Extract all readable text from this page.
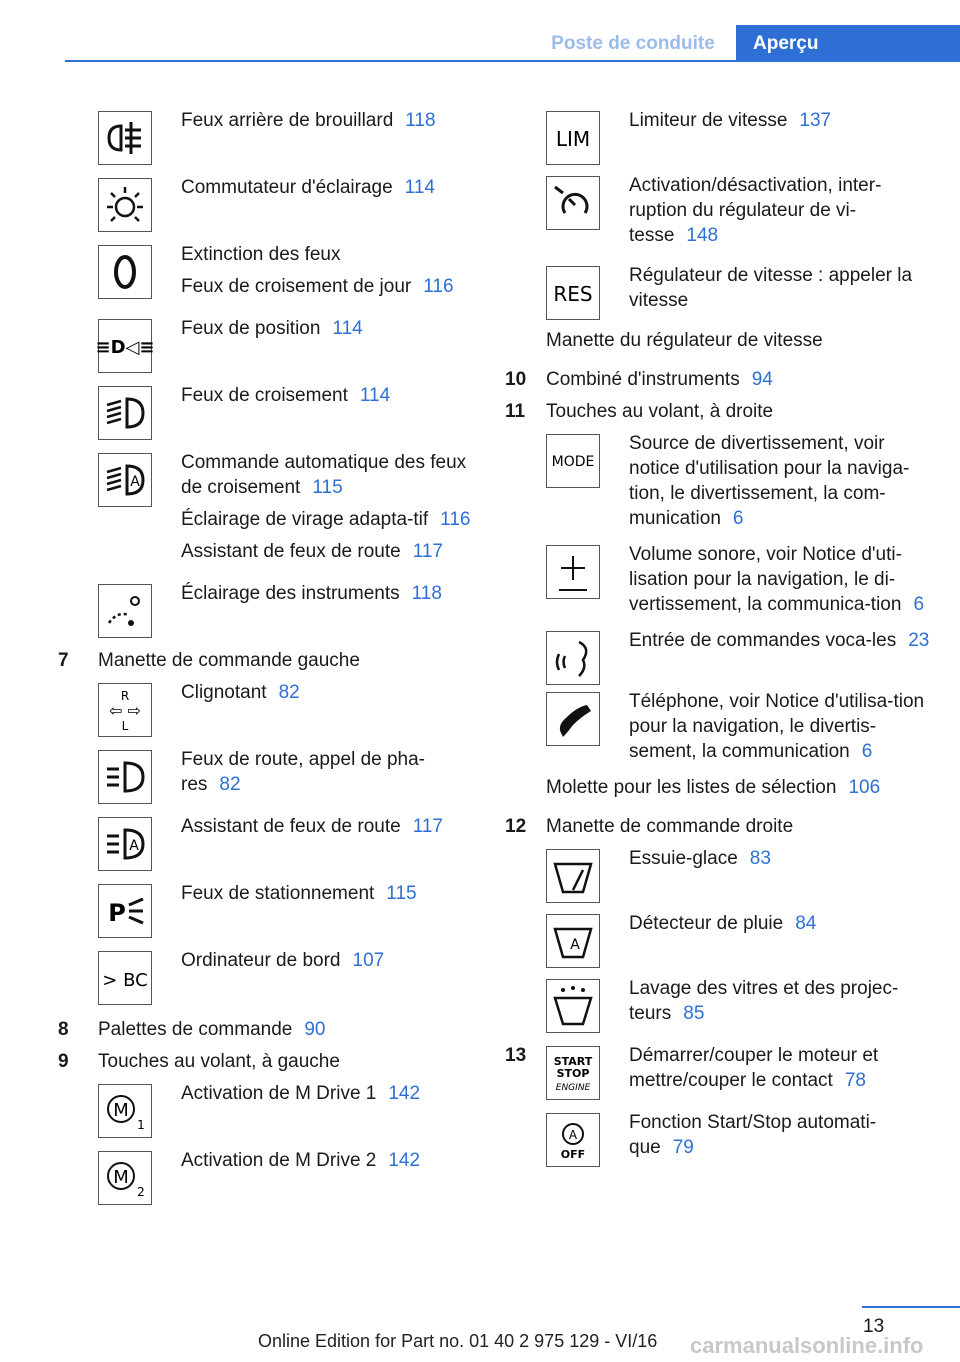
Poste de conduite	Aperçu

Feux arrière de brouillard 118

Commutateur d'éclairage 114

Extinction des feux

Feux de croisement de jour 116

≡D◁≡

Feux de position 114

Feux de croisement 114

A

Commande automatique des feux de croisement 115

Éclairage de virage adapta-tif 116

Assistant de feux de route 117

Éclairage des instruments 118

7	Manette de commande gauche
R
L
⇦ ⇨

Clignotant 82

Feux de route, appel de pha-res 82

A

Assistant de feux de route 117

P

Feux de stationnement 115

> BC

Ordinateur de bord 107

8	Palettes de commande 90
9	Touches au volant, à gauche
M
1

Activation de M Drive 1 142

M
2

Activation de M Drive 2 142

LIM

Limiteur de vitesse 137

Activation/désactivation, inter-ruption du régulateur de vi-tesse 148

RES

Régulateur de vitesse : appeler la vitesse

Manette du régulateur de vitesse
10	Combiné d'instruments 94
11	Touches au volant, à droite
MODE

Source de divertissement, voir notice d'utilisation pour la naviga-tion, le divertissement, la com-munication 6

Volume sonore, voir Notice d'uti-lisation pour la navigation, le di-vertissement, la communica-tion 6

Entrée de commandes voca-les 23

Téléphone, voir Notice d'utilisa-tion pour la navigation, le divertis-sement, la communication 6

Molette pour les listes de sélection 106
12	Manette de commande droite

Essuie-glace 83

A

Détecteur de pluie 84

Lavage des vitres et des projec-teurs 85

13	START
STOP
ENGINE

Démarrer/couper le moteur et mettre/couper le contact 78

A
OFF

Fonction Start/Stop automati-que 79

13
Online Edition for Part no. 01 40 2 975 129 - VI/16 carmanualsonline.info
